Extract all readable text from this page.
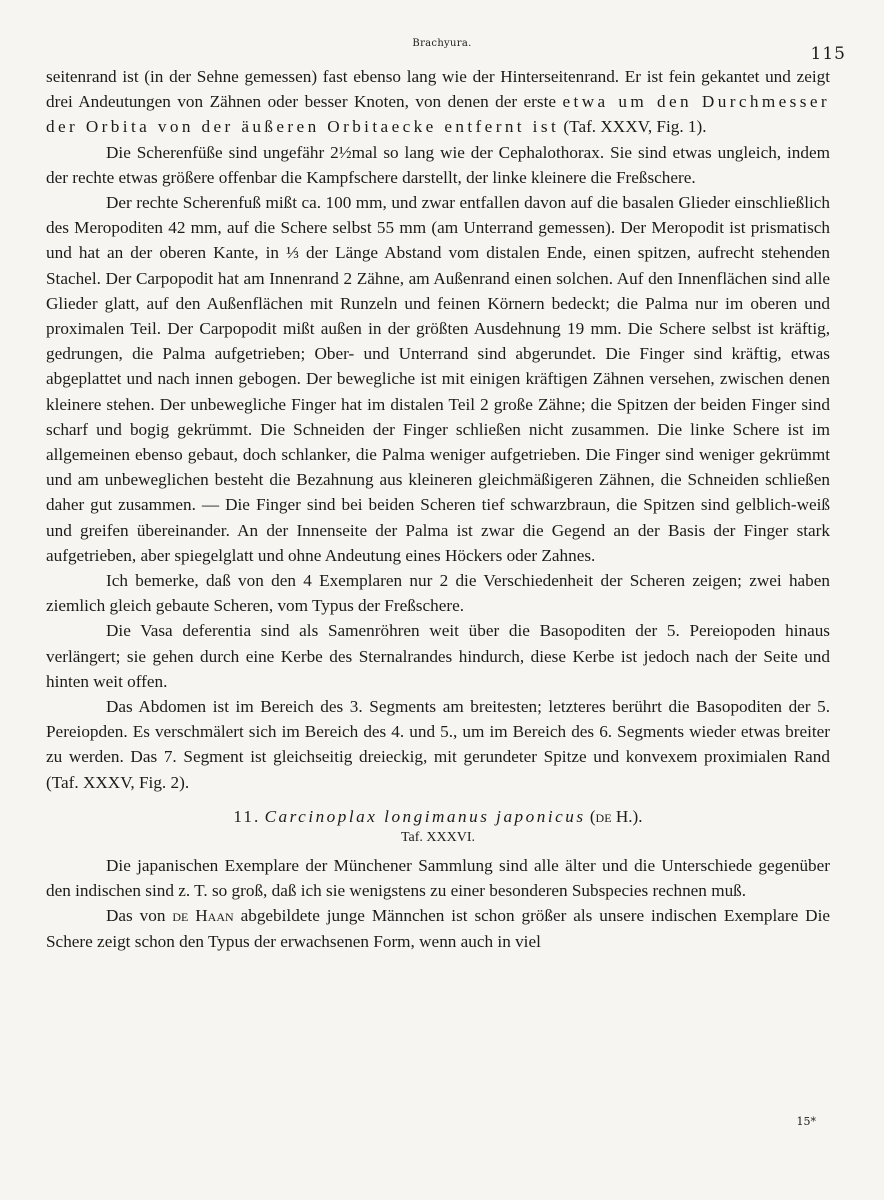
Brachyura.
115

seitenrand ist (in der Sehne gemessen) fast ebenso lang wie der Hinterseitenrand. Er ist fein gekantet und zeigt drei Andeutungen von Zähnen oder besser Knoten, von denen der erste etwa um den Durchmesser der Orbita von der äußeren Orbitaecke entfernt ist (Taf. XXXV, Fig. 1).

Die Scherenfüße sind ungefähr 2½mal so lang wie der Cephalothorax. Sie sind etwas ungleich, indem der rechte etwas größere offenbar die Kampfschere darstellt, der linke kleinere die Freßschere.

Der rechte Scherenfuß mißt ca. 100 mm, und zwar entfallen davon auf die basalen Glieder einschließlich des Meropoditen 42 mm, auf die Schere selbst 55 mm (am Unterrand gemessen). Der Meropodit ist prismatisch und hat an der oberen Kante, in ⅓ der Länge Abstand vom distalen Ende, einen spitzen, aufrecht stehenden Stachel. Der Carpopodit hat am Innenrand 2 Zähne, am Außenrand einen solchen. Auf den Innenflächen sind alle Glieder glatt, auf den Außenflächen mit Runzeln und feinen Körnern bedeckt; die Palma nur im oberen und proximalen Teil. Der Carpopodit mißt außen in der größten Ausdehnung 19 mm. Die Schere selbst ist kräftig, gedrungen, die Palma aufgetrieben; Ober- und Unterrand sind abgerundet. Die Finger sind kräftig, etwas abgeplattet und nach innen gebogen. Der bewegliche ist mit einigen kräftigen Zähnen versehen, zwischen denen kleinere stehen. Der unbewegliche Finger hat im distalen Teil 2 große Zähne; die Spitzen der beiden Finger sind scharf und bogig gekrümmt. Die Schneiden der Finger schließen nicht zusammen. Die linke Schere ist im allgemeinen ebenso gebaut, doch schlanker, die Palma weniger aufgetrieben. Die Finger sind weniger gekrümmt und am unbeweglichen besteht die Bezahnung aus kleineren gleichmäßigeren Zähnen, die Schneiden schließen daher gut zusammen. — Die Finger sind bei beiden Scheren tief schwarzbraun, die Spitzen sind gelblich-weiß und greifen übereinander. An der Innenseite der Palma ist zwar die Gegend an der Basis der Finger stark aufgetrieben, aber spiegelglatt und ohne Andeutung eines Höckers oder Zahnes.

Ich bemerke, daß von den 4 Exemplaren nur 2 die Verschiedenheit der Scheren zeigen; zwei haben ziemlich gleich gebaute Scheren, vom Typus der Freßschere.

Die Vasa deferentia sind als Samenröhren weit über die Basopoditen der 5. Pereiopoden hinaus verlängert; sie gehen durch eine Kerbe des Sternalrandes hindurch, diese Kerbe ist jedoch nach der Seite und hinten weit offen.

Das Abdomen ist im Bereich des 3. Segments am breitesten; letzteres berührt die Basopoditen der 5. Pereiopden. Es verschmälert sich im Bereich des 4. und 5., um im Bereich des 6. Segments wieder etwas breiter zu werden. Das 7. Segment ist gleichseitig dreieckig, mit gerundeter Spitze und konvexem proximialen Rand (Taf. XXXV, Fig. 2).

11. Carcinoplax longimanus japonicus (de H.).
Taf. XXXVI.

Die japanischen Exemplare der Münchener Sammlung sind alle älter und die Unterschiede gegenüber den indischen sind z. T. so groß, daß ich sie wenigstens zu einer besonderen Subspecies rechnen muß.

Das von de Haan abgebildete junge Männchen ist schon größer als unsere indischen Exemplare Die Schere zeigt schon den Typus der erwachsenen Form, wenn auch in viel

15*
